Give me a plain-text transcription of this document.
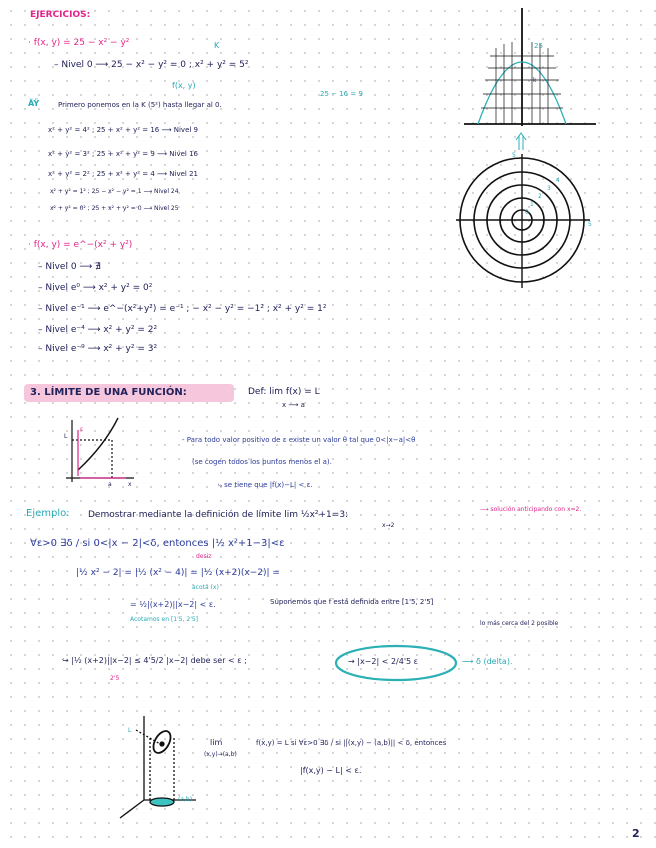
EJERCICIOS:
· f(x, y) = 25 − x² − y²	K
– Nivel 0 ⟶ 25 − x² − y² = 0 ; x² + y² = 5²
f(x, y)
ÃŸ	Primero ponemos en la K (5²) hasta llegar al 0.
25 − 16 = 9
x² + y² = 4² ; 25 + x² + y² = 16 ⟶ Nivel 9
x² + y² = 3² ; 25 + x² + y² = 9 ⟶ Nivel 16
x² + y² = 2² ; 25 + x² + y² = 4 ⟶ Nivel 21
x² + y² = 1² ; 25 − x² − y² = 1 ⟶ Nivel 24
x² + y² = 0² ; 25 + x² + y² = 0 ⟶ Nivel 25
· f(x, y) = e^−(x² + y²)
– Nivel 0 ⟶ ∄
– Nivel e⁰ ⟶ x² + y² = 0²
– Nivel e⁻¹ ⟶ e^−(x²+y²) = e⁻¹ ; − x² − y² = −1² ; x² + y² = 1²
– Nivel e⁻⁴ ⟶ x² + y² = 2²
– Nivel e⁻⁹ ⟶ x² + y² = 3²
25
k
5
4
3
2
1
0
5
3. LÍMITE DE UNA FUNCIÓN:	Def: lim f(x) = L
x ⟶ a
L
ε
a	x
- Para todo valor positivo de ε existe un valor θ tal que 0<|x−a|<θ
(se cogen todos los puntos menos el a).
⤷ se tiene que |f(x)−L| < ε.
Ejemplo: Demostrar mediante la definición de límite lim ½x²+1=3:
x→2
⟶ solución anticipando con x=2.
∀ε>0 ∃δ / si 0<|x − 2|<δ, entonces |½ x²+1−3|<ε
desiz
|½ x² − 2| = |½ (x² − 4)| = |½ (x+2)(x−2)| =
acota (x)
= ½|(x+2)||x−2| < ε.	Suponemos que f está definida entre [1'5, 2'5]
Acotamos en [1'5, 2'5]
lo más cerca del 2 posible
↪ |½ (x+2)||x−2| ≤ 4'5/2 |x−2| debe ser < ε ;	→ |x−2| < 2/4'5 ε	⟶ δ (delta).
2'5
L
(a,b)
lim
(x,y)→(a,b)
f(x,y) = L si ∀ε>0 ∃δ / si ||(x,y) − (a,b)|| < δ, entonces
|f(x,y) − L| < ε.
2
